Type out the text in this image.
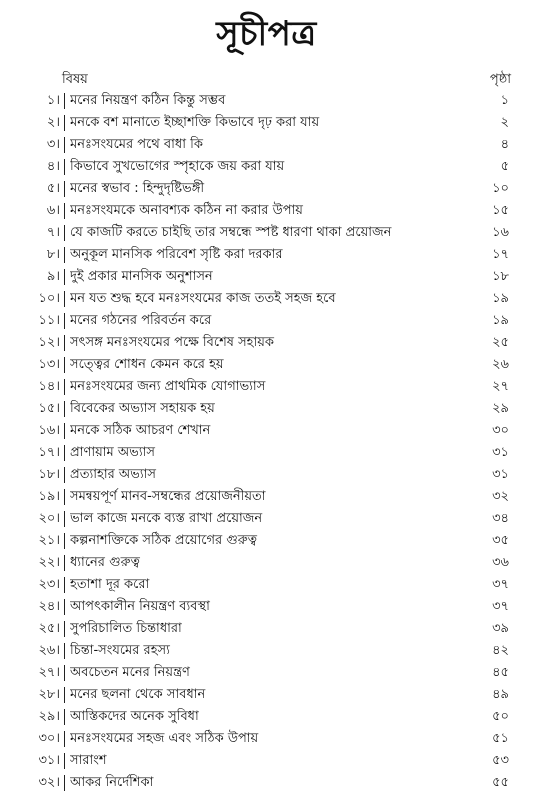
সূচীপত্র
বিষয়	পৃষ্ঠা
১। মনের নিয়ন্ত্রণ কঠিন কিন্তু সম্ভব	১
২। মনকে বশ মানাতে ইচ্ছাশক্তি কিভাবে দৃঢ় করা যায়	২
৩। মনঃসংযমের পথে বাধা কি	৪
৪। কিভাবে সুখভোগের স্পৃহাকে জয় করা যায়	৫
৫। মনের স্বভাব : হিন্দুদৃষ্টিভঙ্গী	১০
৬। মনঃসংযমকে অনাবশ্যক কঠিন না করার উপায়	১৫
৭। যে কাজটি করতে চাইছি তার সম্বন্ধে স্পষ্ট ধারণা থাকা প্রয়োজন	১৬
৮। অনুকূল মানসিক পরিবেশ সৃষ্টি করা দরকার	১৭
৯। দুই প্রকার মানসিক অনুশাসন	১৮
১০। মন যত শুদ্ধ হবে মনঃসংযমের কাজ ততই সহজ হবে	১৯
১১। মনের গঠনের পরিবর্তন করে	১৯
১২। সৎসঙ্গ মনঃসংযমের পক্ষে বিশেষ সহায়ক	২৫
১৩। সত্ত্বের শোধন কেমন করে হয়	২৬
১৪। মনঃসংযমের জন্য প্রাথমিক যোগাভ্যাস	২৭
১৫। বিবেকের অভ্যাস সহায়ক হয়	২৯
১৬। মনকে সঠিক আচরণ শেখান	৩০
১৭। প্রাণায়াম অভ্যাস	৩১
১৮। প্রত্যাহার অভ্যাস	৩১
১৯। সমন্বয়পূর্ণ মানব-সম্বন্ধের প্রয়োজনীয়তা	৩২
২০। ভাল কাজে মনকে ব্যস্ত রাখা প্রয়োজন	৩৪
২১। কল্পনাশক্তিকে সঠিক প্রয়োগের গুরুত্ব	৩৫
২২। ধ্যানের গুরুত্ব	৩৬
২৩। হতাশা দূর করো	৩৭
২৪। আপৎকালীন নিয়ন্ত্রণ ব্যবস্থা	৩৭
২৫। সুপরিচালিত চিন্তাধারা	৩৯
২৬। চিন্তা-সংযমের রহস্য	৪২
২৭। অবচেতন মনের নিয়ন্ত্রণ	৪৫
২৮। মনের ছলনা থেকে সাবধান	৪৯
২৯। আস্তিকদের অনেক সুবিধা	৫০
৩০। মনঃসংযমের সহজ এবং সঠিক উপায়	৫১
৩১। সারাংশ	৫৩
৩২। আকর নির্দেশিকা	৫৫
